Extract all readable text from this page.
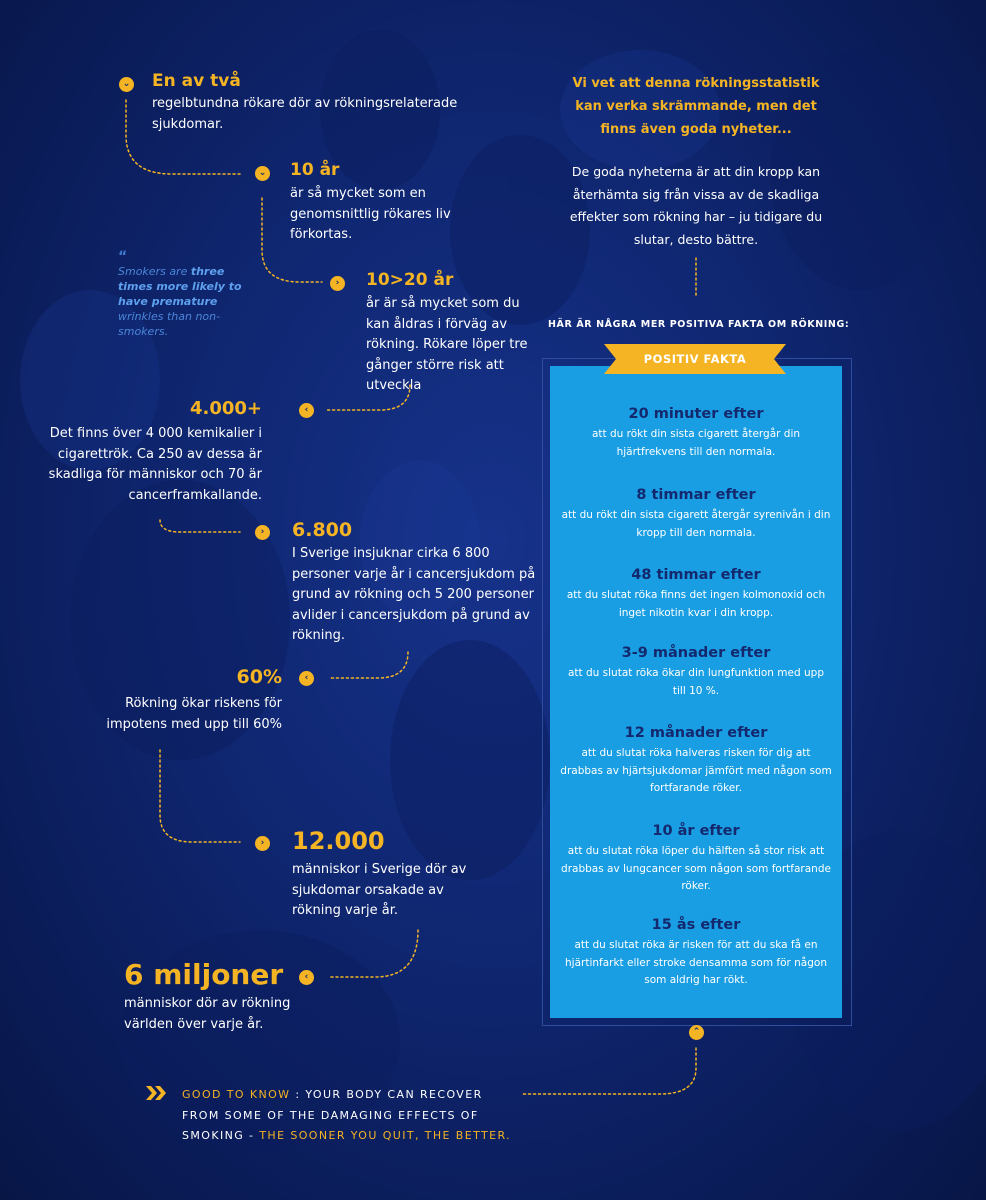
⌄ En av två
regelbtundna rökare dör av rökningsrelaterade sjukdomar.
⌄ 10 år
är så mycket som en genomsnittlig rökares liv förkortas.
›	10>20 år
år är så mycket som du kan åldras i förväg av rökning. Rökare löper tre gånger större risk att utveckla
‹
4.000+
Det finns över 4 000 kemikalier i cigarettrök. Ca 250 av dessa är skadliga för människor och 70 är cancerframkallande.
› 6.800
I Sverige insjuknar cirka 6 800 personer varje år i cancersjukdom på grund av rökning och 5 200 personer avlider i cancersjukdom på grund av rökning.
‹
60%
Rökning ökar riskens för impotens med upp till 60%
› 12.000
människor i Sverige dör av sjukdomar orsakade av rökning varje år.
‹
6 miljoner
människor dör av rökning världen över varje år.
“
Smokers are three times more likely to have premature wrinkles than non-smokers.
Vi vet att denna rökningsstatistik kan verka skrämmande, men det finns även goda nyheter...
De goda nyheterna är att din kropp kan återhämta sig från vissa av de skadliga effekter som rökning har – ju tidigare du slutar, desto bättre.
HÄR ÄR NÅGRA MER POSITIVA FAKTA OM RÖKNING:
POSITIV FAKTA
20 minuter efter
att du rökt din sista cigarett återgår din hjärtfrekvens till den normala.
8 timmar efter
att du rökt din sista cigarett återgår syrenivån i din kropp till den normala.
48 timmar efter
att du slutat röka finns det ingen kolmonoxid och inget nikotin kvar i din kropp.
3-9 månader efter
att du slutat röka ökar din lungfunktion med upp till 10 %.
12 månader efter
att du slutat röka halveras risken för dig att drabbas av hjärtsjukdomar jämfört med någon som fortfarande röker.
10 år efter
att du slutat röka löper du hälften så stor risk att drabbas av lungcancer som någon som fortfarande röker.
15 ås efter
att du slutat röka är risken för att du ska få en hjärtinfarkt eller stroke densamma som för någon som aldrig har rökt.
⌃
GOOD TO KNOW : YOUR BODY CAN RECOVER FROM SOME OF THE DAMAGING EFFECTS OF SMOKING - THE SOONER YOU QUIT, THE BETTER.
